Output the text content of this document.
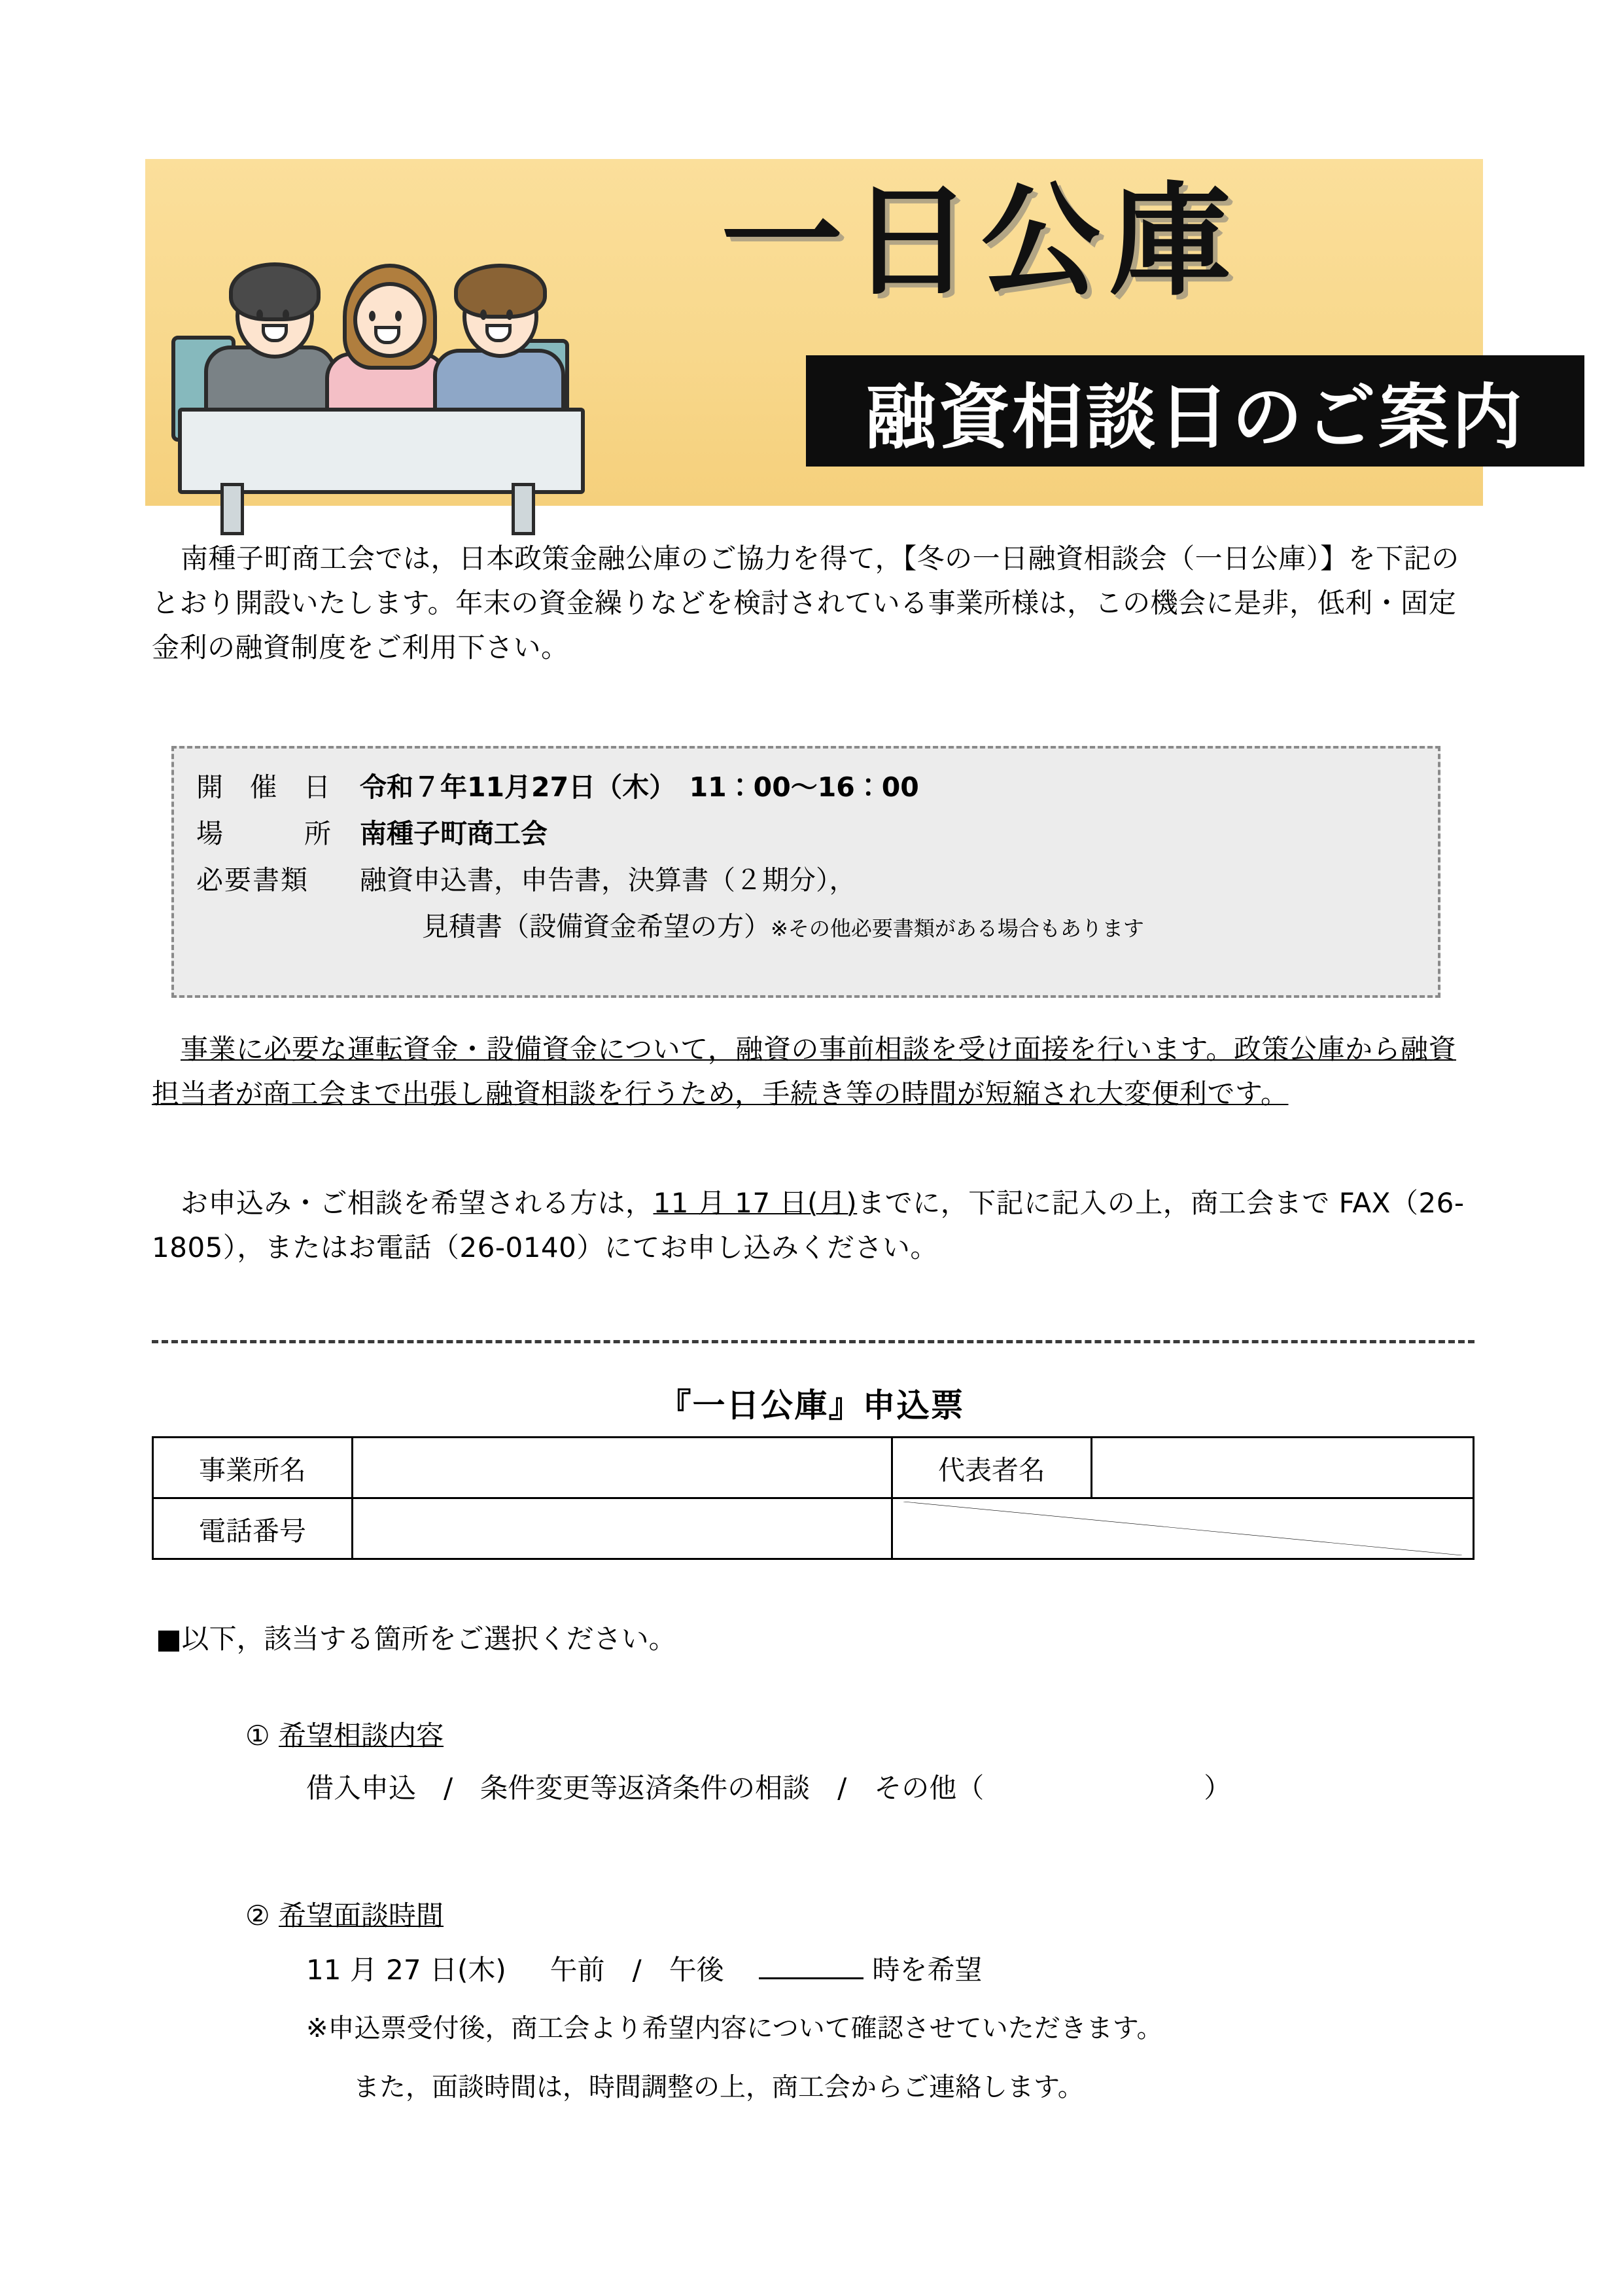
一日公庫
融資相談日のご案内
南種子町商工会では，日本政策金融公庫のご協力を得て，【冬の一日融資相談会（一日公庫）】を下記のとおり開設いたします。年末の資金繰りなどを検討されている事業所様は，この機会に是非，低利・固定金利の融資制度をご利用下さい。
開 催 日 令和７年11月27日（木）　11：00〜16：00
場　　所 南種子町商工会
必要書類	融資申込書，申告書，決算書（２期分），
見積書（設備資金希望の方）※その他必要書類がある場合もあります
事業に必要な運転資金・設備資金について，融資の事前相談を受け面接を行います。政策公庫から融資担当者が商工会まで出張し融資相談を行うため，手続き等の時間が短縮され大変便利です。
お申込み・ご相談を希望される方は，11 月 17 日(月)までに，下記に記入の上，商工会まで FAX（26-1805），またはお電話（26-0140）にてお申し込みください。
『一日公庫』申込票
事業所名		代表者名	
電話番号		
■以下，該当する箇所をご選択ください。
① 希望相談内容
借入申込　/　条件変更等返済条件の相談　/　その他（　　　　　　　　）
② 希望面談時間
11 月 27 日(木) 午前　/　午後	時を希望
※申込票受付後，商工会より希望内容について確認させていただきます。
また，面談時間は，時間調整の上，商工会からご連絡します。
